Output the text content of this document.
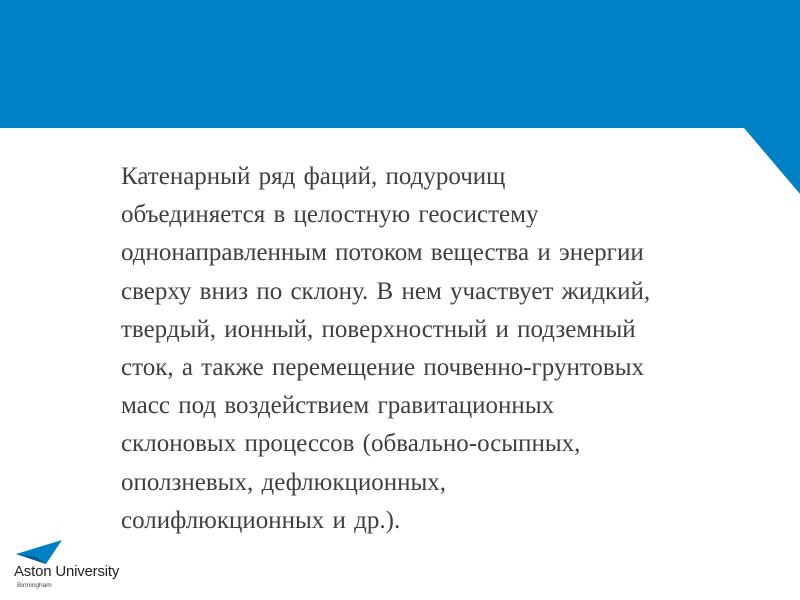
Катенарный ряд фаций, подурочищ
объединяется в целостную геосистему
однонаправленным потоком вещества и энергии
сверху вниз по склону. В нем участвует жидкий,
твердый, ионный, поверхностный и подземный
сток, а также перемещение почвенно-грунтовых
масс под воздействием гравитационных
склоновых процессов (обвально-осыпных,
оползневых, дефлюкционных,
солифлюкционных и др.).
Aston University
Birmingham
